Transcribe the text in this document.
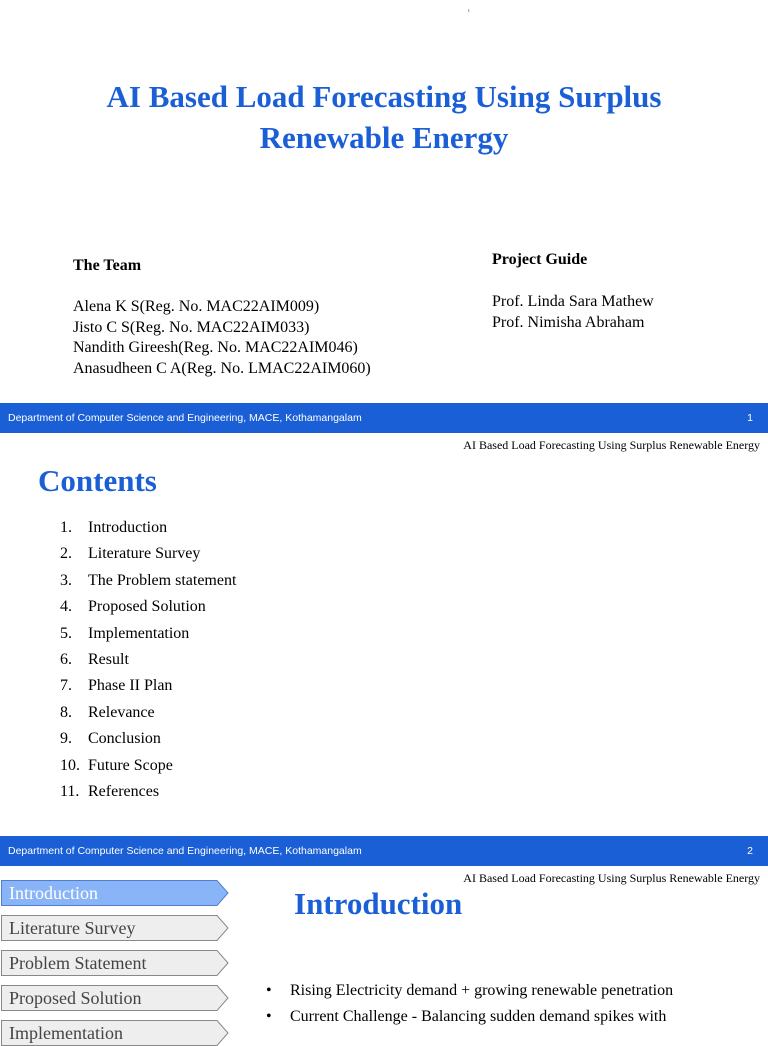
ı
AI Based Load Forecasting Using Surplus
Renewable Energy
The Team
Alena K S(Reg. No. MAC22AIM009)
Jisto C S(Reg. No. MAC22AIM033)
Nandith Gireesh(Reg. No. MAC22AIM046)
Anasudheen C A(Reg. No. LMAC22AIM060)
Project Guide
Prof. Linda Sara Mathew
Prof. Nimisha Abraham
Department of Computer Science and Engineering, MACE, Kothamangalam	1
AI Based Load Forecasting Using Surplus Renewable Energy
Contents
1.	Introduction
2.	Literature Survey
3.	The Problem statement
4.	Proposed Solution
5.	Implementation
6.	Result
7.	Phase II Plan
8.	Relevance
9.	Conclusion
10. Future Scope
11. References
Department of Computer Science and Engineering, MACE, Kothamangalam	2
AI Based Load Forecasting Using Surplus Renewable Energy
Introduction
Literature Survey
Problem Statement
Proposed Solution
Implementation
Introduction
• Rising Electricity demand + growing renewable penetration
• Current Challenge - Balancing sudden demand spikes with
